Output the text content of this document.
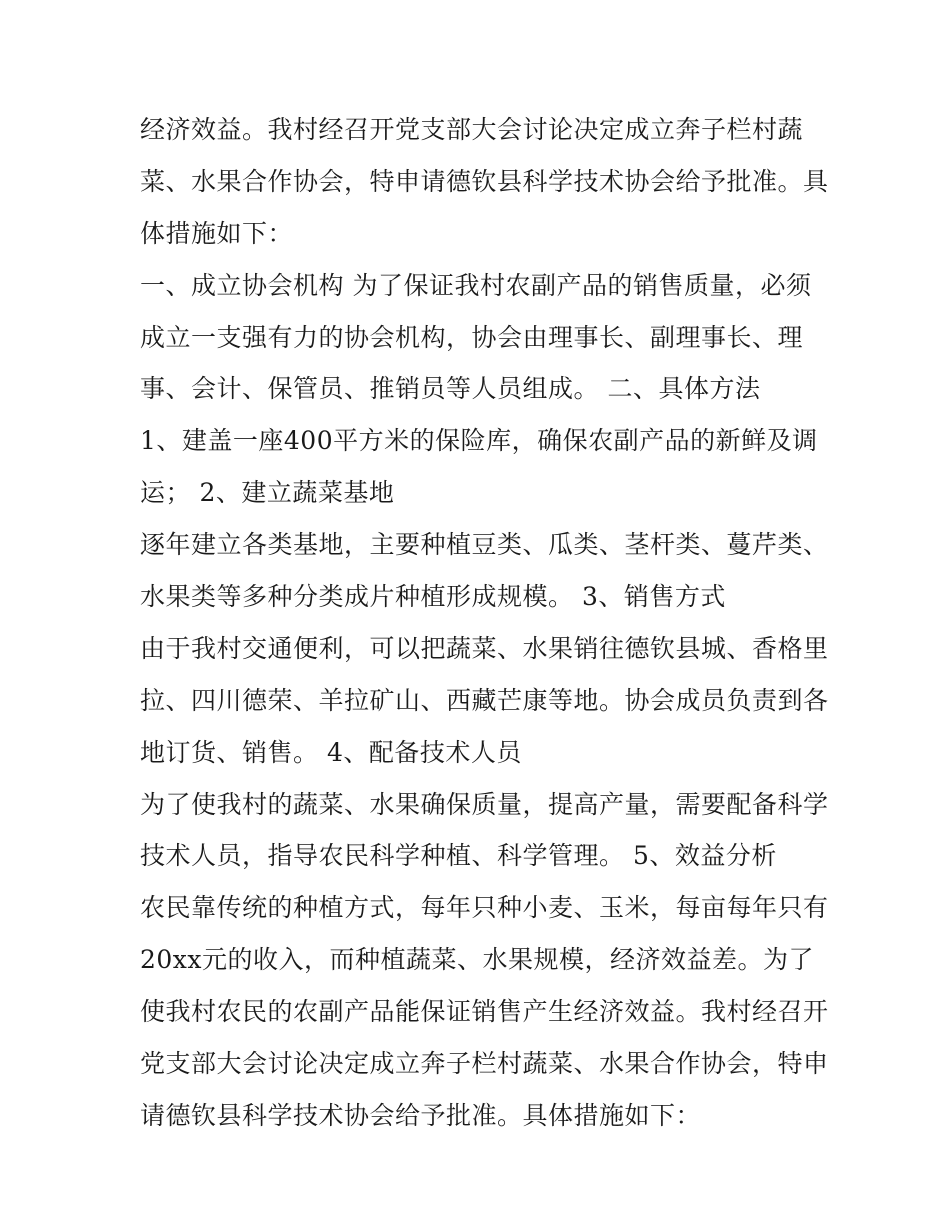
经济效益。我村经召开党支部大会讨论决定成立奔子栏村蔬
菜、水果合作协会，特申请德钦县科学技术协会给予批准。具
体措施如下：
一、成立协会机构 为了保证我村农副产品的销售质量，必须
成立一支强有力的协会机构，协会由理事长、副理事长、理
事、会计、保管员、推销员等人员组成。 二、具体方法
1、建盖一座400平方米的保险库，确保农副产品的新鲜及调
运； 2、建立蔬菜基地
逐年建立各类基地，主要种植豆类、瓜类、茎杆类、蔓芹类、
水果类等多种分类成片种植形成规模。 3、销售方式
由于我村交通便利，可以把蔬菜、水果销往德钦县城、香格里
拉、四川德荣、羊拉矿山、西藏芒康等地。协会成员负责到各
地订货、销售。 4、配备技术人员
为了使我村的蔬菜、水果确保质量，提高产量，需要配备科学
技术人员，指导农民科学种植、科学管理。 5、效益分析
农民靠传统的种植方式，每年只种小麦、玉米，每亩每年只有
20xx元的收入，而种植蔬菜、水果规模，经济效益差。为了
使我村农民的农副产品能保证销售产生经济效益。我村经召开
党支部大会讨论决定成立奔子栏村蔬菜、水果合作协会，特申
请德钦县科学技术协会给予批准。具体措施如下：
